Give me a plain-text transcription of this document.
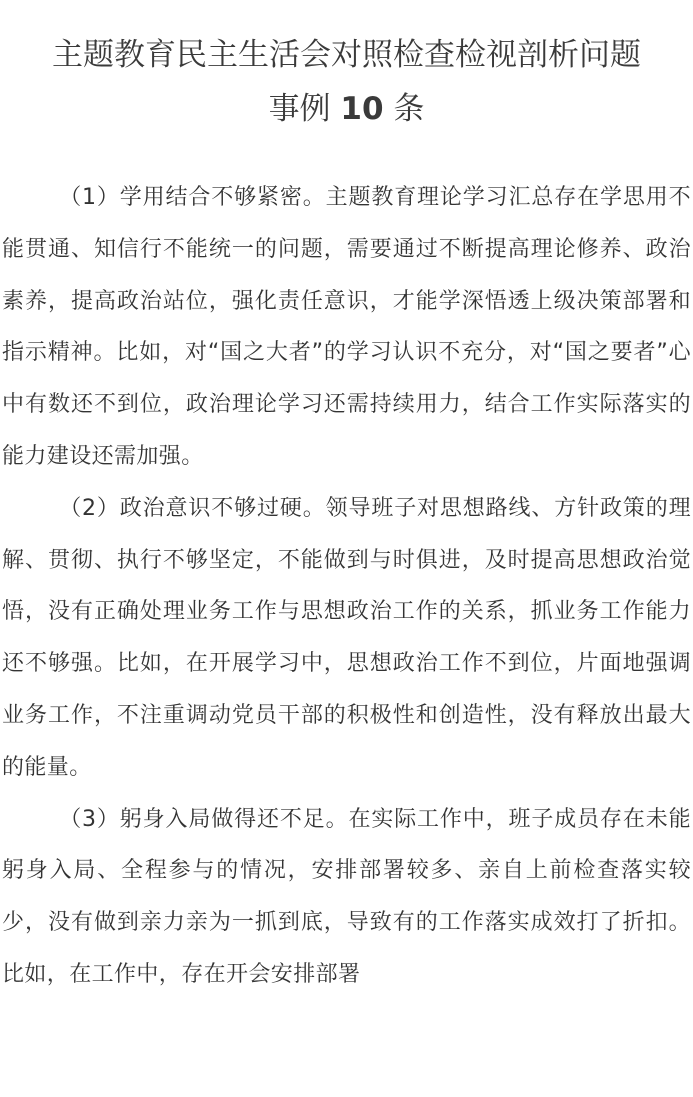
主题教育民主生活会对照检查检视剖析问题
事例 10 条

（1）学用结合不够紧密。主题教育理论学习汇总存在学思用不能贯通、知信行不能统一的问题，需要通过不断提高理论修养、政治素养，提高政治站位，强化责任意识，才能学深悟透上级决策部署和指示精神。比如，对“国之大者”的学习认识不充分，对“国之要者”心中有数还不到位，政治理论学习还需持续用力，结合工作实际落实的能力建设还需加强。

（2）政治意识不够过硬。领导班子对思想路线、方针政策的理解、贯彻、执行不够坚定，不能做到与时俱进，及时提高思想政治觉悟，没有正确处理业务工作与思想政治工作的关系，抓业务工作能力还不够强。比如，在开展学习中，思想政治工作不到位，片面地强调业务工作，不注重调动党员干部的积极性和创造性，没有释放出最大的能量。

（3）躬身入局做得还不足。在实际工作中，班子成员存在未能躬身入局、全程参与的情况，安排部署较多、亲自上前检查落实较少，没有做到亲力亲为一抓到底，导致有的工作落实成效打了折扣。比如，在工作中，存在开会安排部署
